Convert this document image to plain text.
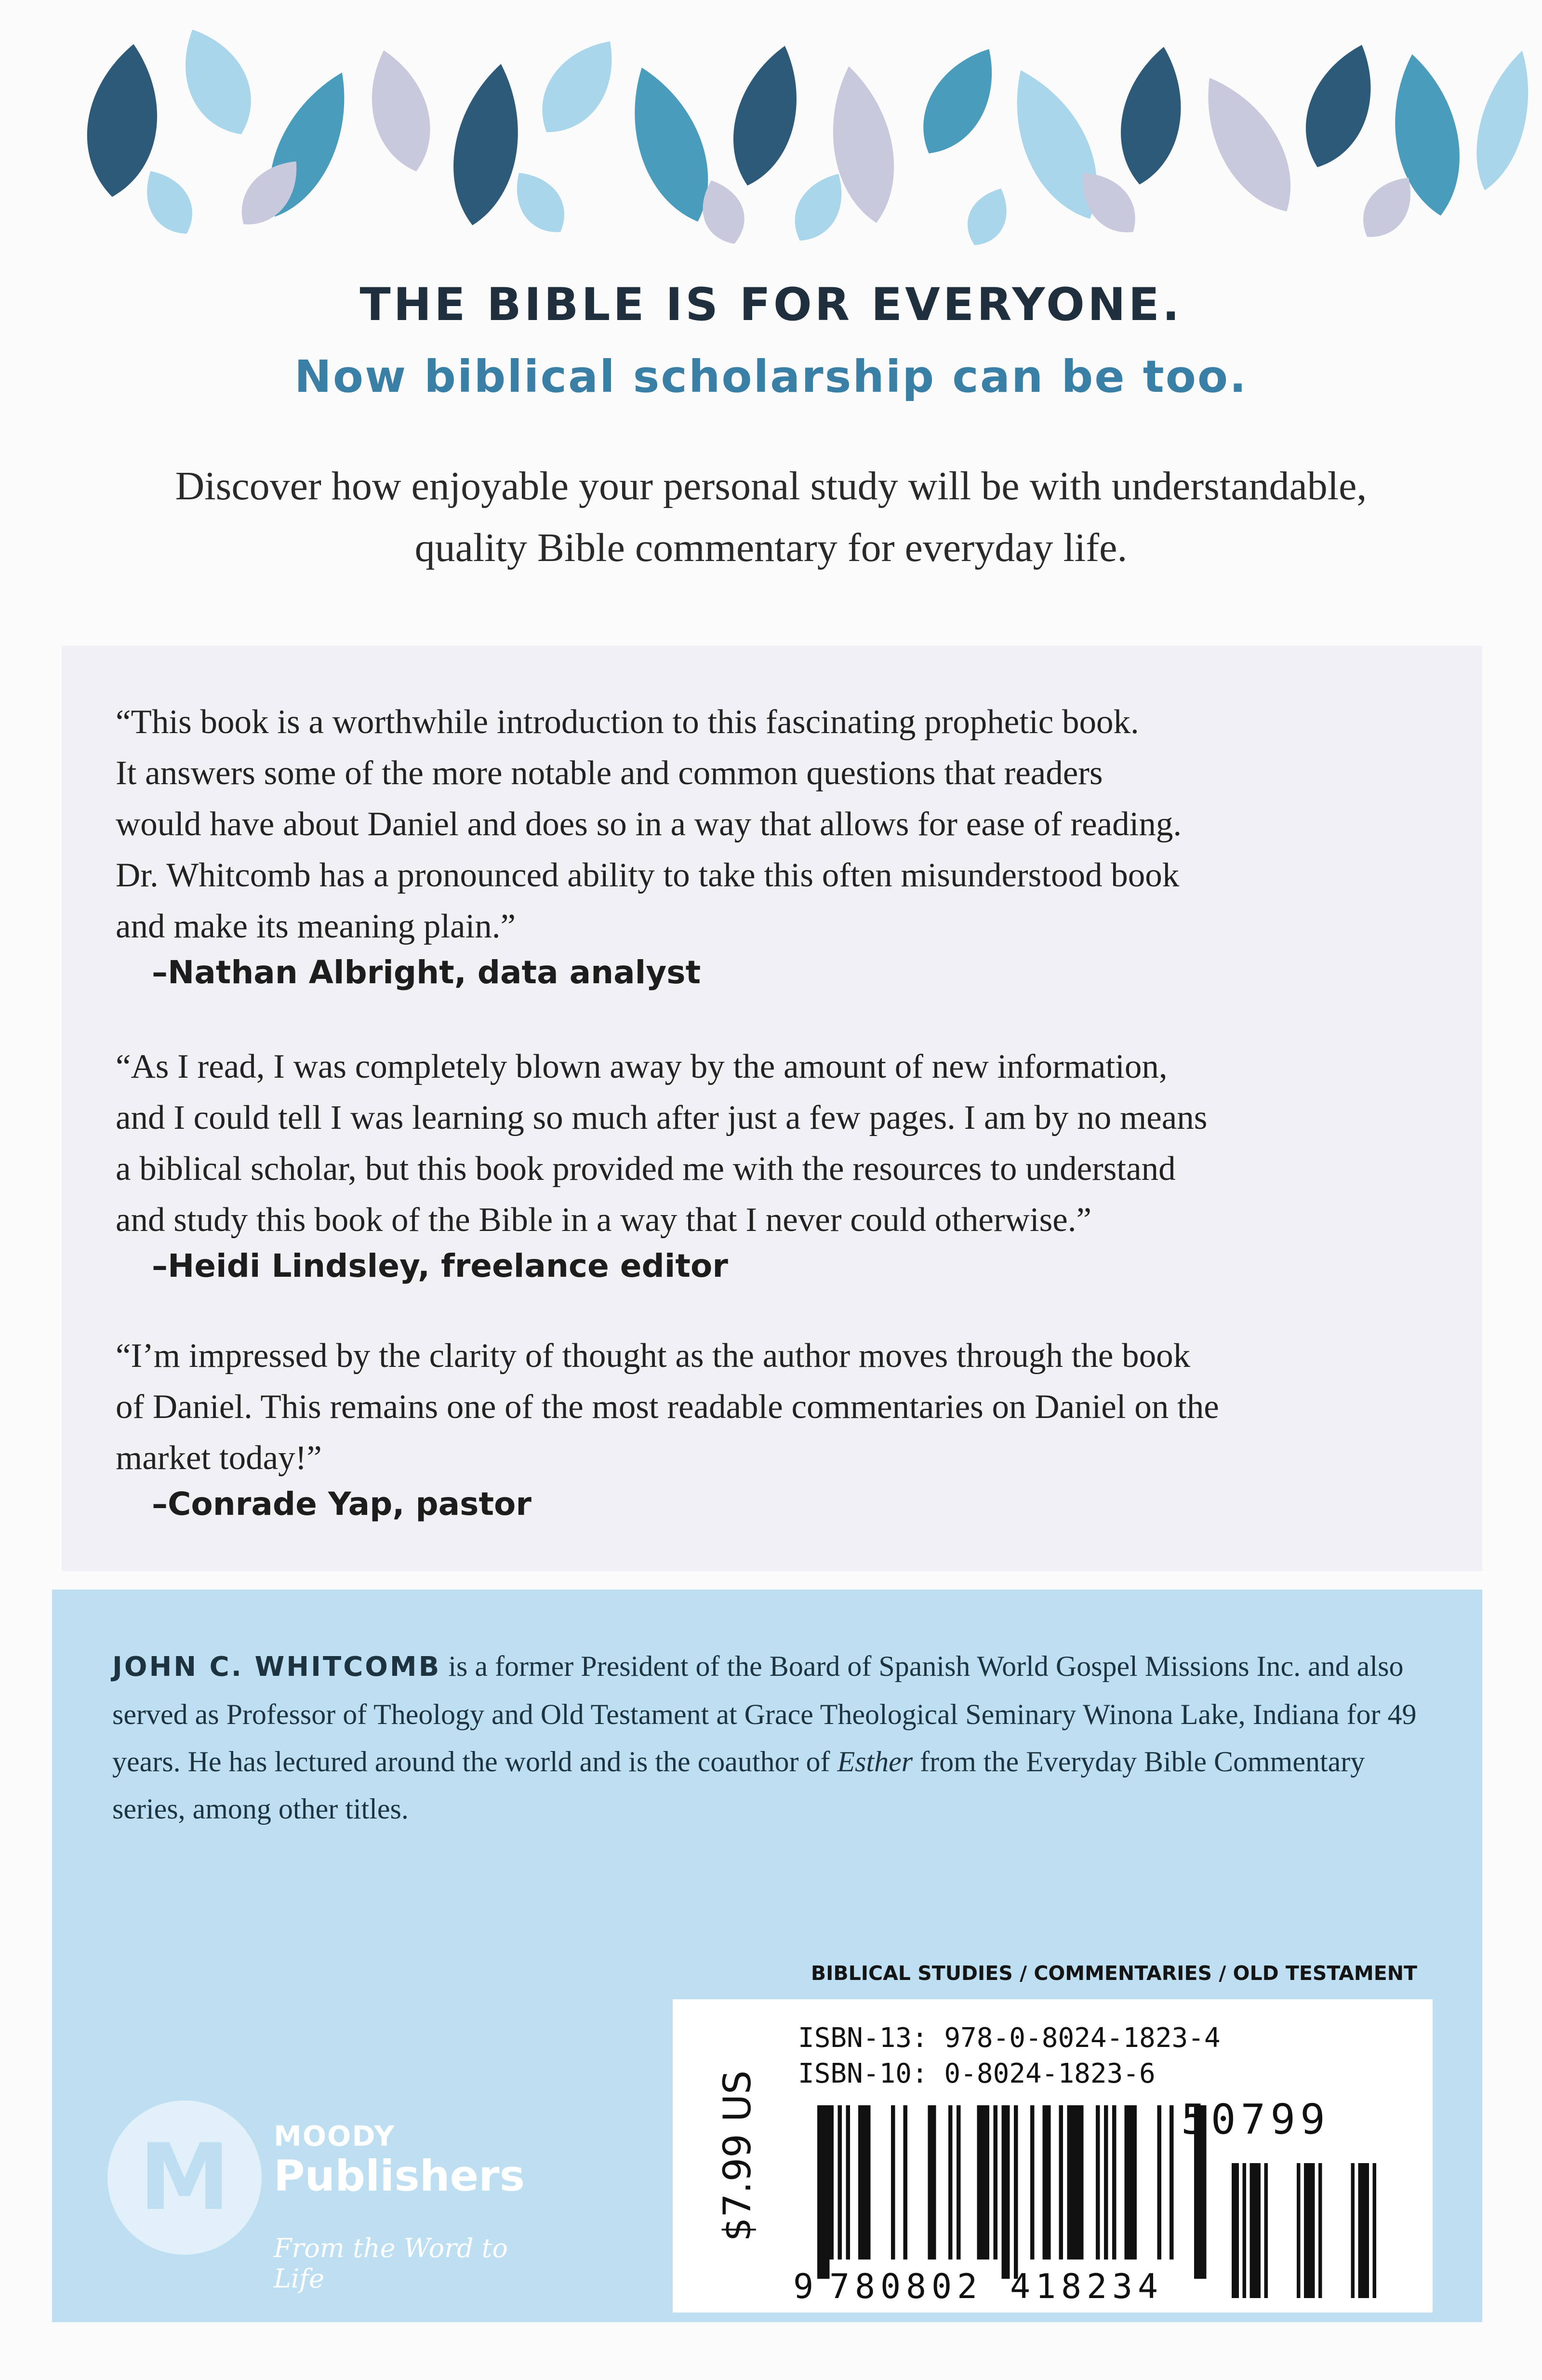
THE BIBLE IS FOR EVERYONE.
Now biblical scholarship can be too.

Discover how enjoyable your personal study will be with understandable, quality Bible commentary for everyday life.

“This book is a worthwhile introduction to this fascinating prophetic book.
It answers some of the more notable and common questions that readers
would have about Daniel and does so in a way that allows for ease of reading.
Dr. Whitcomb has a pronounced ability to take this often misunderstood book
and make its meaning plain.”

–Nathan Albright, data analyst

“As I read, I was completely blown away by the amount of new information,
and I could tell I was learning so much after just a few pages. I am by no means
a biblical scholar, but this book provided me with the resources to understand
and study this book of the Bible in a way that I never could otherwise.”

–Heidi Lindsley, freelance editor

“I’m impressed by the clarity of thought as the author moves through the book
of Daniel. This remains one of the most readable commentaries on Daniel on the
market today!”

–Conrade Yap, pastor

JOHN C. WHITCOMB is a former President of the Board of Spanish World Gospel Missions Inc. and also served as Professor of Theology and Old Testament at Grace Theological Seminary Winona Lake, Indiana for 49 years. He has lectured around the world and is the coauthor of Esther from the Everyday Bible Commentary series, among other titles.

BIBLICAL STUDIES / COMMENTARIES / OLD TESTAMENT

M	MOODY
Publishers
From the Word to Life
$7.99 US

ISBN-13: 978-0-8024-1823-4

ISBN-10: 0-8024-1823-6

9 7 8 0 8 0 2 4 1 8 2 3 4

50799
